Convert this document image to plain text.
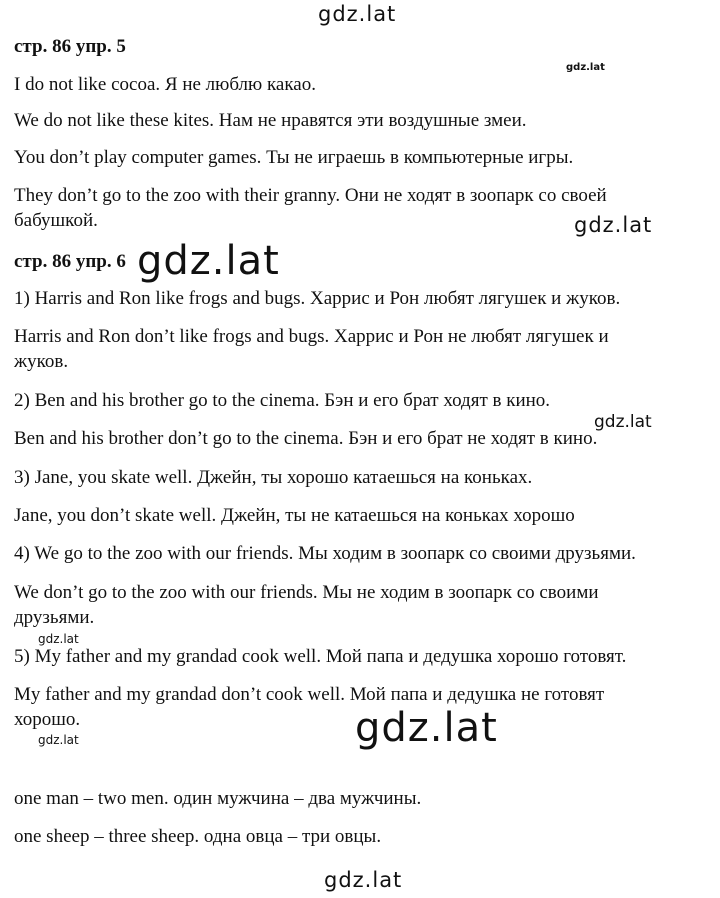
gdz.lat

стр. 86 упр. 5

gdz.lat

I do not like cocoa. Я не люблю какао.

We do not like these kites. Нам не нравятся эти воздушные змеи.

You don’t play computer games. Ты не играешь в компьютерные игры.

They don’t go to the zoo with their granny. Они не ходят в зоопарк со своей

бабушкой.	gdz.lat

стр. 86 упр. 6 gdz.lat

1) Harris and Ron like frogs and bugs. Харрис и Рон любят лягушек и жуков.

Harris and Ron don’t like frogs and bugs. Харрис и Рон не любят лягушек и

жуков.

2) Ben and his brother go to the cinema. Бэн и его брат ходят в кино.

gdz.lat

Ben and his brother don’t go to the cinema. Бэн и его брат не ходят в кино.

3) Jane, you skate well. Джейн, ты хорошо катаешься на коньках.

Jane, you don’t skate well. Джейн, ты не катаешься на коньках хорошо

4) We go to the zoo with our friends. Мы ходим в зоопарк со своими друзьями.

We don’t go to the zoo with our friends. Мы не ходим в зоопарк со своими

друзьями.

gdz.lat

5) My father and my grandad cook well. Мой папа и дедушка хорошо готовят.

My father and my grandad don’t cook well. Мой папа и дедушка не готовят

хорошо.	gdz.lat

gdz.lat

one man – two men. один мужчина – два мужчины.

one sheep – three sheep. одна овца – три овцы.

gdz.lat
